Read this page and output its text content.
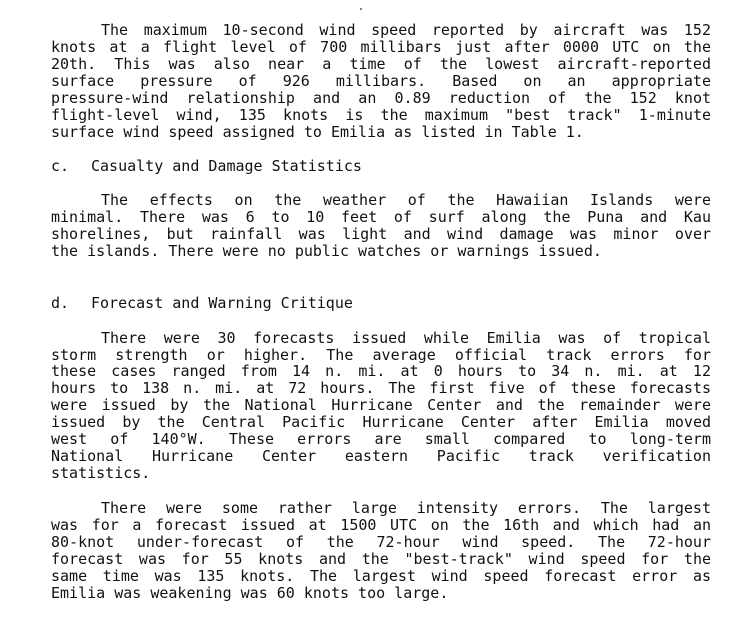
The maximum 10-second wind speed reported by aircraft was 152
knots at a flight level of 700 millibars just after 0000 UTC on the
20th. This was also near a time of the lowest aircraft-reported
surface pressure of 926 millibars. Based on an appropriate
pressure-wind relationship and an 0.89 reduction of the 152 knot
flight-level wind, 135 knots is the maximum "best track" 1-minute
surface wind speed assigned to Emilia as listed in Table 1.
c. Casualty and Damage Statistics
The effects on the weather of the Hawaiian Islands were
minimal. There was 6 to 10 feet of surf along the Puna and Kau
shorelines, but rainfall was light and wind damage was minor over
the islands. There were no public watches or warnings issued.
d. Forecast and Warning Critique
There were 30 forecasts issued while Emilia was of tropical
storm strength or higher. The average official track errors for
these cases ranged from 14 n. mi. at 0 hours to 34 n. mi. at 12
hours to 138 n. mi. at 72 hours. The first five of these forecasts
were issued by the National Hurricane Center and the remainder were
issued by the Central Pacific Hurricane Center after Emilia moved
west of 140°W. These errors are small compared to long-term
National Hurricane Center eastern Pacific track verification
statistics.
There were some rather large intensity errors. The largest
was for a forecast issued at 1500 UTC on the 16th and which had an
80-knot under-forecast of the 72-hour wind speed. The 72-hour
forecast was for 55 knots and the "best-track" wind speed for the
same time was 135 knots. The largest wind speed forecast error as
Emilia was weakening was 60 knots too large.
